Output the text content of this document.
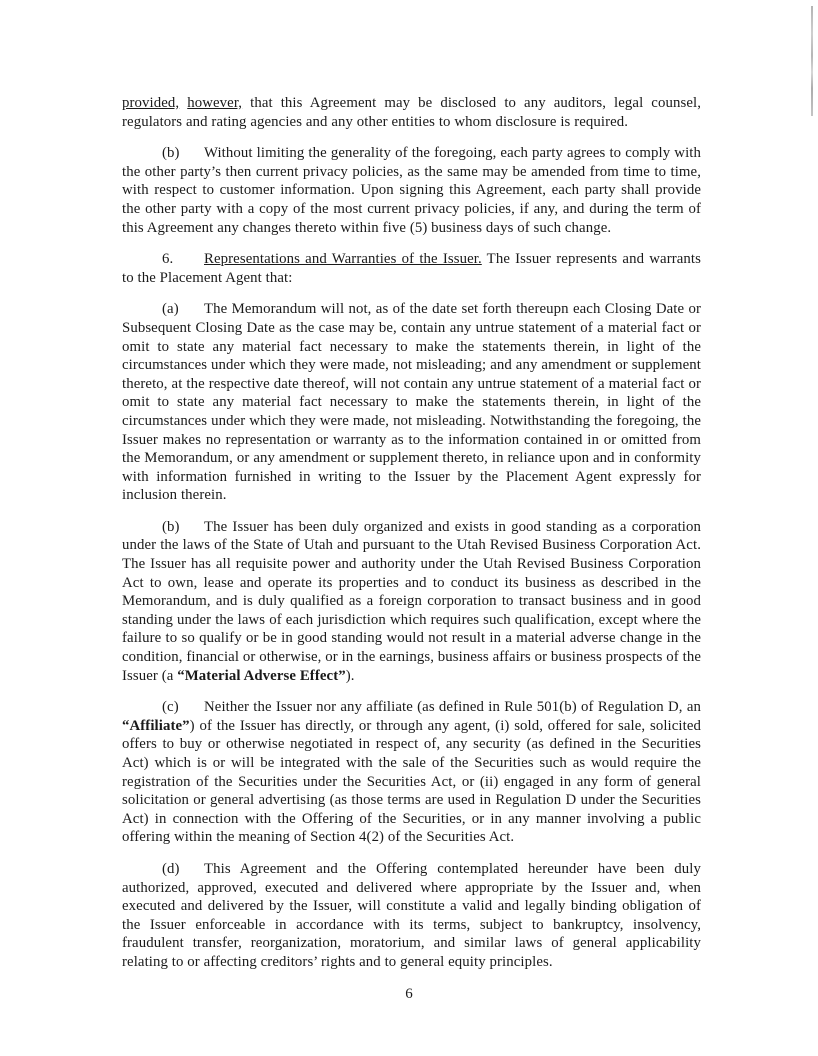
provided, however, that this Agreement may be disclosed to any auditors, legal counsel, regulators and rating agencies and any other entities to whom disclosure is required.

(b) Without limiting the generality of the foregoing, each party agrees to comply with the other party’s then current privacy policies, as the same may be amended from time to time, with respect to customer information. Upon signing this Agreement, each party shall provide the other party with a copy of the most current privacy policies, if any, and during the term of this Agreement any changes thereto within five (5) business days of such change.

6. Representations and Warranties of the Issuer. The Issuer represents and warrants to the Placement Agent that:

(a) The Memorandum will not, as of the date set forth thereupn each Closing Date or Subsequent Closing Date as the case may be, contain any untrue statement of a material fact or omit to state any material fact necessary to make the statements therein, in light of the circumstances under which they were made, not misleading; and any amendment or supplement thereto, at the respective date thereof, will not contain any untrue statement of a material fact or omit to state any material fact necessary to make the statements therein, in light of the circumstances under which they were made, not misleading. Notwithstanding the foregoing, the Issuer makes no representation or warranty as to the information contained in or omitted from the Memorandum, or any amendment or supplement thereto, in reliance upon and in conformity with information furnished in writing to the Issuer by the Placement Agent expressly for inclusion therein.

(b) The Issuer has been duly organized and exists in good standing as a corporation under the laws of the State of Utah and pursuant to the Utah Revised Business Corporation Act. The Issuer has all requisite power and authority under the Utah Revised Business Corporation Act to own, lease and operate its properties and to conduct its business as described in the Memorandum, and is duly qualified as a foreign corporation to transact business and in good standing under the laws of each jurisdiction which requires such qualification, except where the failure to so qualify or be in good standing would not result in a material adverse change in the condition, financial or otherwise, or in the earnings, business affairs or business prospects of the Issuer (a “Material Adverse Effect”).

(c) Neither the Issuer nor any affiliate (as defined in Rule 501(b) of Regulation D, an “Affiliate”) of the Issuer has directly, or through any agent, (i) sold, offered for sale, solicited offers to buy or otherwise negotiated in respect of, any security (as defined in the Securities Act) which is or will be integrated with the sale of the Securities such as would require the registration of the Securities under the Securities Act, or (ii) engaged in any form of general solicitation or general advertising (as those terms are used in Regulation D under the Securities Act) in connection with the Offering of the Securities, or in any manner involving a public offering within the meaning of Section 4(2) of the Securities Act.

(d) This Agreement and the Offering contemplated hereunder have been duly authorized, approved, executed and delivered where appropriate by the Issuer and, when executed and delivered by the Issuer, will constitute a valid and legally binding obligation of the Issuer enforceable in accordance with its terms, subject to bankruptcy, insolvency, fraudulent transfer, reorganization, moratorium, and similar laws of general applicability relating to or affecting creditors’ rights and to general equity principles.

6
